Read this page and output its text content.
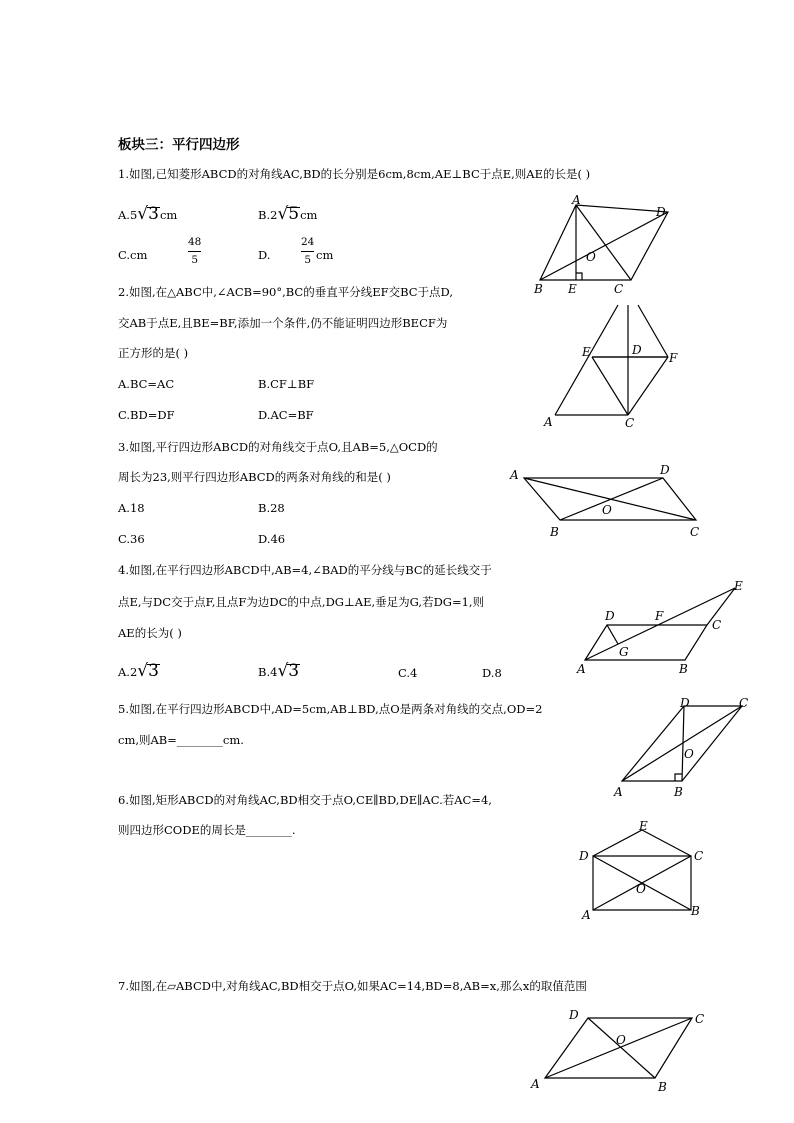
板块三：平行四边形
1.如图,已知菱形ABCD的对角线AC,BD的长分别是6cm,8cm,AE⊥BC于点E,则AE的长是( )
A.5√3cm	B.2√5cm
C.cm	$\frac{48}{5}$	D.	$\frac{24}{5}$ cm
A
B	C
D
E
O
2.如图,在△ABC中,∠ACB=90°,BC的垂直平分线EF交BC于点D,
交AB于点E,且BE=BF,添加一个条件,仍不能证明四边形BECF为
正方形的是( )
A.BC=AC	B.CF⊥BF
C.BD=DF	D.AC=BF
E	D
F
A	C
3.如图,平行四边形ABCD的对角线交于点O,且AB=5,△OCD的
周长为23,则平行四边形ABCD的两条对角线的和是( )
A.18	B.28
C.36	D.46
A	D
B	C
O
4.如图,在平行四边形ABCD中,AB=4,∠BAD的平分线与BC的延长线交于
点E,与DC交于点F,且点F为边DC的中点,DG⊥AE,垂足为G,若DG=1,则
AE的长为( )
A.2√3	B.4√3	C.4	D.8	A	B
C
D
E
F
G
5.如图,在平行四边形ABCD中,AD=5cm,AB⊥BD,点O是两条对角线的交点,OD=2
cm,则AB=________cm.
A	B
C
D
O
6.如图,矩形ABCD的对角线AC,BD相交于点O,CE∥BD,DE∥AC.若AC=4,
则四边形CODE的周长是________.	E
D	C
A	B
O
7.如图,在▱ABCD中,对角线AC,BD相交于点O,如果AC=14,BD=8,AB=x,那么x的取值范围
A	B
C
D
O
